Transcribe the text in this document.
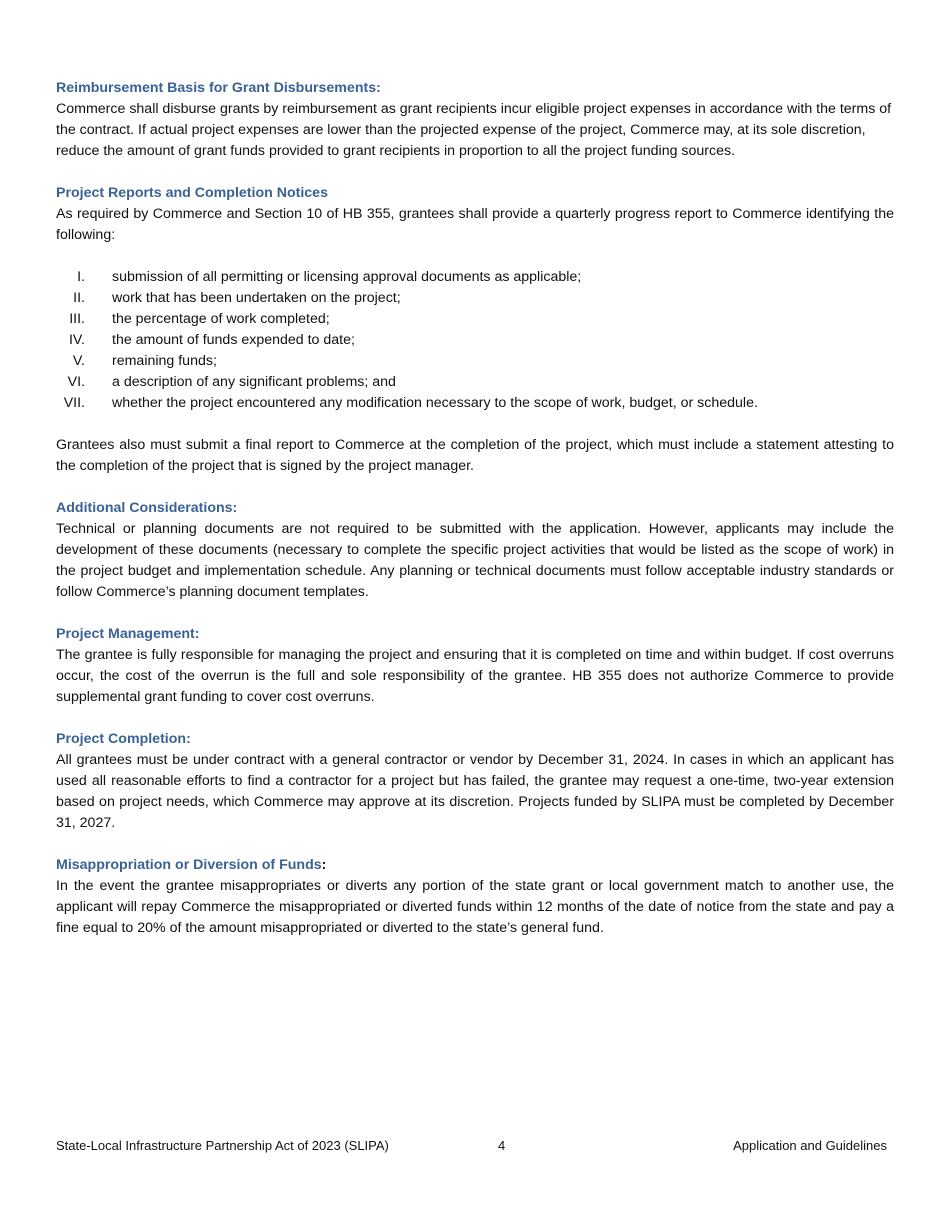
Reimbursement Basis for Grant Disbursements:

Commerce shall disburse grants by reimbursement as grant recipients incur eligible project expenses in accordance with the terms of the contract. If actual project expenses are lower than the projected expense of the project, Commerce may, at its sole discretion, reduce the amount of grant funds provided to grant recipients in proportion to all the project funding sources.

Project Reports and Completion Notices

As required by Commerce and Section 10 of HB 355, grantees shall provide a quarterly progress report to Commerce identifying the following:

I. submission of all permitting or licensing approval documents as applicable;
II. work that has been undertaken on the project;
III. the percentage of work completed;
IV. the amount of funds expended to date;
V. remaining funds;
VI. a description of any significant problems; and
VII. whether the project encountered any modification necessary to the scope of work, budget, or schedule.

Grantees also must submit a final report to Commerce at the completion of the project, which must include a statement attesting to the completion of the project that is signed by the project manager.

Additional Considerations:

Technical or planning documents are not required to be submitted with the application. However, applicants may include the development of these documents (necessary to complete the specific project activities that would be listed as the scope of work) in the project budget and implementation schedule. Any planning or technical documents must follow acceptable industry standards or follow Commerce’s planning document templates.

Project Management:

The grantee is fully responsible for managing the project and ensuring that it is completed on time and within budget. If cost overruns occur, the cost of the overrun is the full and sole responsibility of the grantee. HB 355 does not authorize Commerce to provide supplemental grant funding to cover cost overruns.

Project Completion:

All grantees must be under contract with a general contractor or vendor by December 31, 2024. In cases in which an applicant has used all reasonable efforts to find a contractor for a project but has failed, the grantee may request a one-time, two-year extension based on project needs, which Commerce may approve at its discretion. Projects funded by SLIPA must be completed by December 31, 2027.

Misappropriation or Diversion of Funds:

In the event the grantee misappropriates or diverts any portion of the state grant or local government match to another use, the applicant will repay Commerce the misappropriated or diverted funds within 12 months of the date of notice from the state and pay a fine equal to 20% of the amount misappropriated or diverted to the state’s general fund.

State-Local Infrastructure Partnership Act of 2023 (SLIPA)	4	Application and Guidelines
